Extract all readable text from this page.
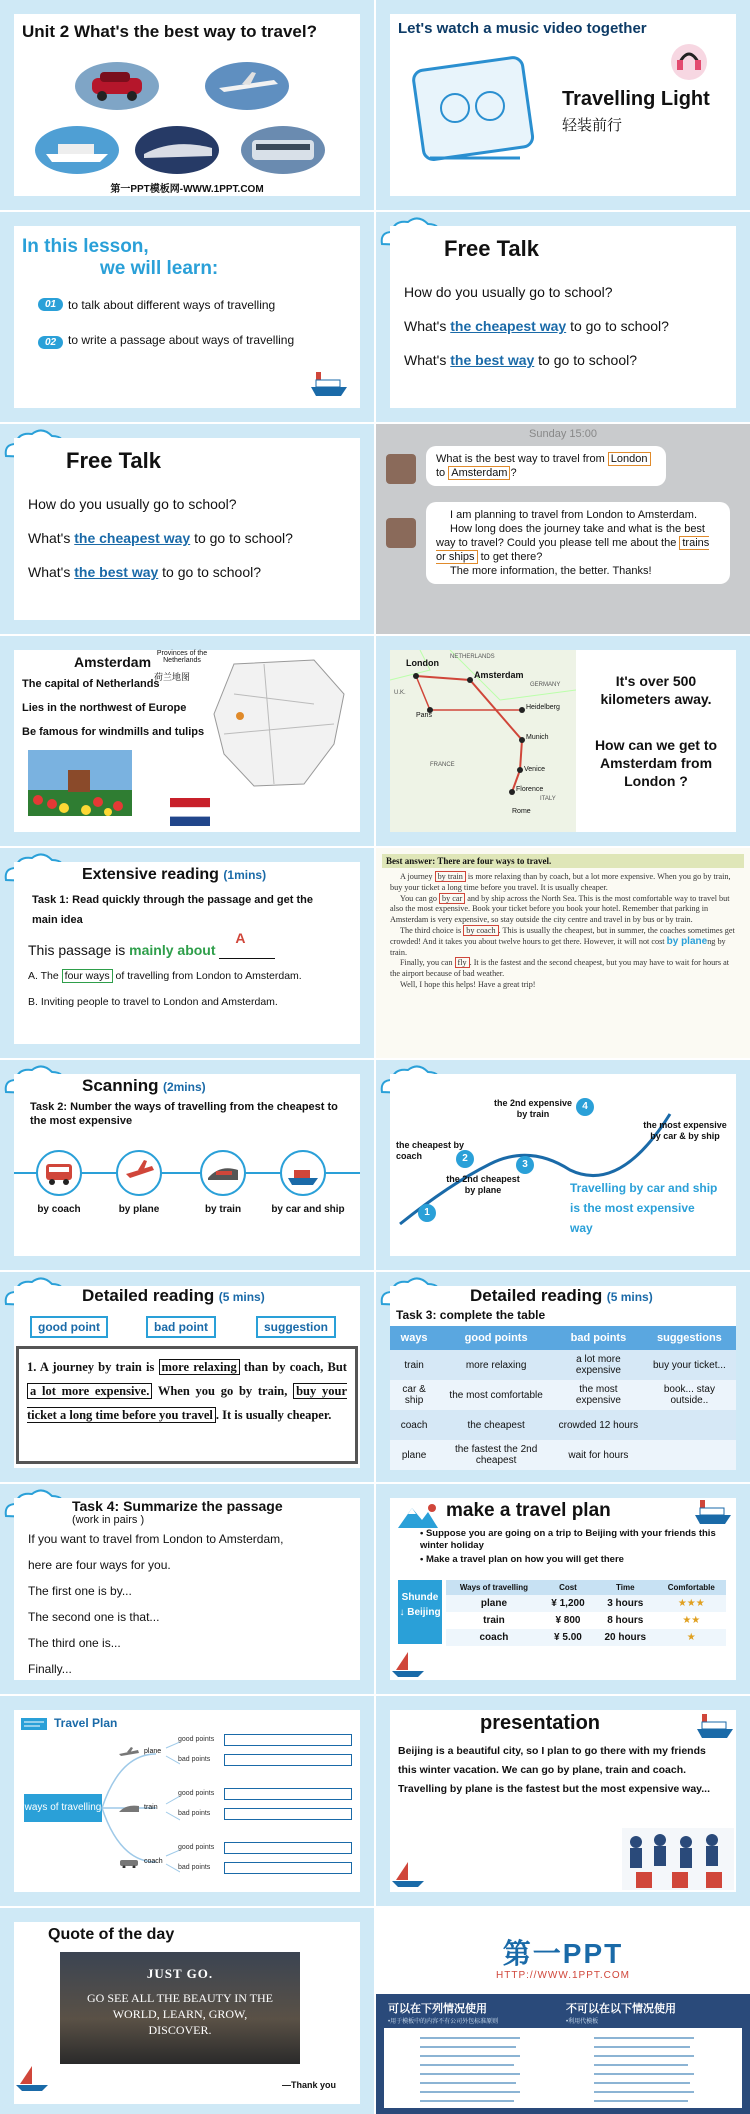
Unit 2 What's the best way to travel?
第一PPT模板网-WWW.1PPT.COM
Let's watch a music video together
Travelling Light
轻装前行
In this lesson,
we will learn:
01 to talk about different ways of travelling
02 to write a passage about ways of travelling
Free Talk
How do you usually go to school?
What's the cheapest way to go to school?
What's the best way to go to school?
Free Talk
How do you usually go to school?
What's the cheapest way to go to school?
What's the best way to go to school?
Sunday 15:00
What is the best way to travel from London to Amsterdam ?
I am planning to travel from London to Amsterdam.
How long does the journey take and what is the best way to travel? Could you please tell me about the trains or ships to get there?
The more information, the better. Thanks!
Amsterdam
The capital of Netherlands
Lies in the northwest of Europe
Be famous for windmills and tulips
Provinces of the Netherlands
荷兰地图
London
Amsterdam
Paris
Heidelberg
Munich
Venice
Florence
Rome
NETHERLANDS
GERMANY
FRANCE
ITALY
U.K.
It's over 500 kilometers away.
How can we get to Amsterdam from London ?
Extensive reading (1mins)
Task 1: Read quickly through the passage and get the main idea
This passage is mainly about
A

A. The four ways of travelling from London to Amsterdam.
B. Inviting people to travel to London and Amsterdam.
Best answer: There are four ways to travel.

A journey by train is more relaxing than by coach, but a lot more expensive. When you go by train, buy your ticket a long time before you travel. It is usually cheaper.

You can go by car and by ship across the North Sea. This is the most comfortable way to travel but also the most expensive. Book your ticket before you book your hotel. Remember that parking in Amsterdam is very expensive, so stay outside the city centre and travel in by bus or by train.

The third choice is by coach . This is usually the cheapest, but in summer, the coaches sometimes get crowded! And it takes you about twelve hours to get there. However, it will not cost by planeng by train.

Finally, you can fly . It is the fastest and the second cheapest, but you may have to wait for hours at the airport because of bad weather.

Well, I hope this helps! Have a great trip!

Scanning (2mins)
Task 2: Number the ways of travelling from the cheapest to the most expensive
by coach	by plane	by train	by car and ship	1
2
3
4
the cheapest by coach
the 2nd cheapest by plane
the 2nd expensive by train
the most expensive by car & by ship
Travelling by car and ship is the most expensive way
Detailed reading (5 mins)
good point	bad point	suggestion
1. A journey by train is more relaxing than by coach, But a lot more expensive. When you go by train, buy your ticket a long time before you travel . It is usually cheaper.
Detailed reading (5 mins)
Task 3: complete the table
ways	good points	bad points	suggestions
train	more relaxing	a lot more expensive	buy your ticket...
car & ship	the most comfortable	the most expensive	book... stay outside..
coach	the cheapest	crowded 12 hours	
plane	the fastest the 2nd cheapest	wait for hours	
Task 4: Summarize the passage
(work in pairs )
If you want to travel from London to Amsterdam,
here are four ways for you.
The first one is by...
The second one is that...
The third one is...
Finally...
make a travel plan
• Suppose you are going on a trip to Beijing with your friends this winter holiday
• Make a travel plan on how you will get there
Shunde ↓ Beijing
Ways of travelling	Cost	Time	Comfortable
plane	¥ 1,200	3 hours	★★★
train	¥ 800	8 hours	★★
coach	¥ 5.00	20 hours	★
Travel Plan
ways of travelling
plane
train
coach
good points
bad points
good points
bad points
good points
bad points
presentation
Beijing is a beautiful city, so I plan to go there with my friends this winter vacation. We can go by plane, train and coach. Travelling by plane is the fastest but the most expensive way...
Quote of the day
JUST GO.
GO SEE ALL THE BEAUTY IN THE WORLD, LEARN, GROW, DISCOVER.
—Thank you
第一PPT
HTTP://WWW.1PPT.COM
可以在下列情况使用	不可以在以下情况使用
•用于模板中的内容不有公司外包标准原则	•利用代模板
